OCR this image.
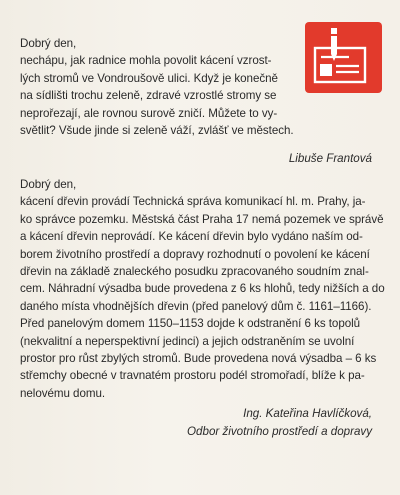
Dobrý den,

nechápu, jak radnice mohla povolit kácení vzrost-
lých stromů ve Vondroušově ulici. Když je konečně
na sídlišti trochu zeleně, zdravé vzrostlé stromy se
neprořezají, ale rovnou surově zničí. Můžete to vy-
světlit? Všude jinde si zeleně váží, zvlášť ve městech.
Libuše Frantová

Dobrý den,

kácení dřevin provádí Technická správa komunikací hl. m. Prahy, ja-
ko správce pozemku. Městská část Praha 17 nemá pozemek ve správě
a kácení dřevin neprovádí. Ke kácení dřevin bylo vydáno naším od-
borem životního prostředí a dopravy rozhodnutí o povolení ke kácení
dřevin na základě znaleckého posudku zpracovaného soudním znal-
cem. Náhradní výsadba bude provedena z 6 ks hlohů, tedy nižších a do
daného místa vhodnějších dřevin (před panelový dům č. 1161–1166).
Před panelovým domem 1150–1153 dojde k odstranění 6 ks topolů
(nekvalitní a neperspektivní jedinci) a jejich odstraněním se uvolní
prostor pro růst zbylých stromů. Bude provedena nová výsadba – 6 ks
střemchy obecné v travnatém prostoru podél stromořadí, blíže k pa-
nelovému domu.
Ing. Kateřina Havlíčková,
Odbor životního prostředí a dopravy
